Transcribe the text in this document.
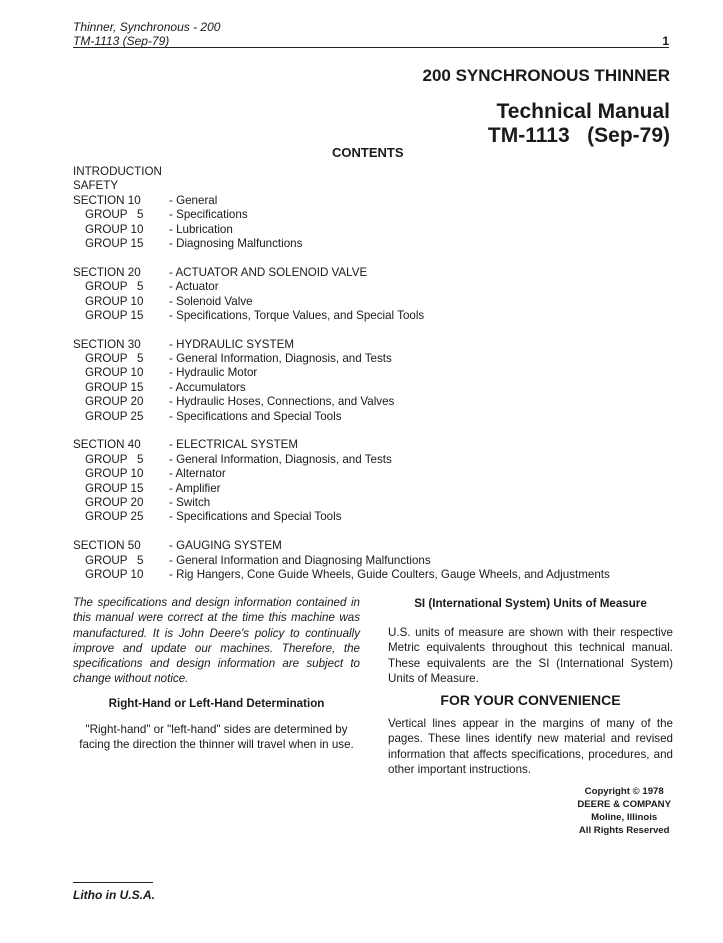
Thinner, Synchronous - 200
TM-1113 (Sep-79)	1
200 SYNCHRONOUS THINNER
Technical Manual
TM-1113   (Sep-79)
CONTENTS
INTRODUCTION
SAFETY
SECTION 10 - General
GROUP   5 - Specifications
GROUP 10 - Lubrication
GROUP 15 - Diagnosing Malfunctions
SECTION 20 - ACTUATOR AND SOLENOID VALVE
GROUP   5 - Actuator
GROUP 10 - Solenoid Valve
GROUP 15 - Specifications, Torque Values, and Special Tools
SECTION 30 - HYDRAULIC SYSTEM
GROUP   5 - General Information, Diagnosis, and Tests
GROUP 10 - Hydraulic Motor
GROUP 15 - Accumulators
GROUP 20 - Hydraulic Hoses, Connections, and Valves
GROUP 25 - Specifications and Special Tools
SECTION 40 - ELECTRICAL SYSTEM
GROUP   5 - General Information, Diagnosis, and Tests
GROUP 10 - Alternator
GROUP 15 - Amplifier
GROUP 20 - Switch
GROUP 25 - Specifications and Special Tools
SECTION 50 - GAUGING SYSTEM
GROUP   5 - General Information and Diagnosing Malfunctions
GROUP 10 - Rig Hangers, Cone Guide Wheels, Guide Coulters, Gauge Wheels, and Adjustments
The specifications and design information contained in this manual were correct at the time this machine was manufactured. It is John Deere's policy to continually improve and update our machines. Therefore, the specifications and design information are subject to change without notice.
Right-Hand or Left-Hand Determination
"Right-hand" or "left-hand" sides are determined by facing the direction the thinner will travel when in use.
SI (International System) Units of Measure
U.S. units of measure are shown with their respective Metric equivalents throughout this technical manual. These equivalents are the SI (International System) Units of Measure.
FOR YOUR CONVENIENCE
Vertical lines appear in the margins of many of the pages. These lines identify new material and revised information that affects specifications, procedures, and other important instructions.
Copyright © 1978
DEERE & COMPANY
Moline, Illinois
All Rights Reserved
Litho in U.S.A.
